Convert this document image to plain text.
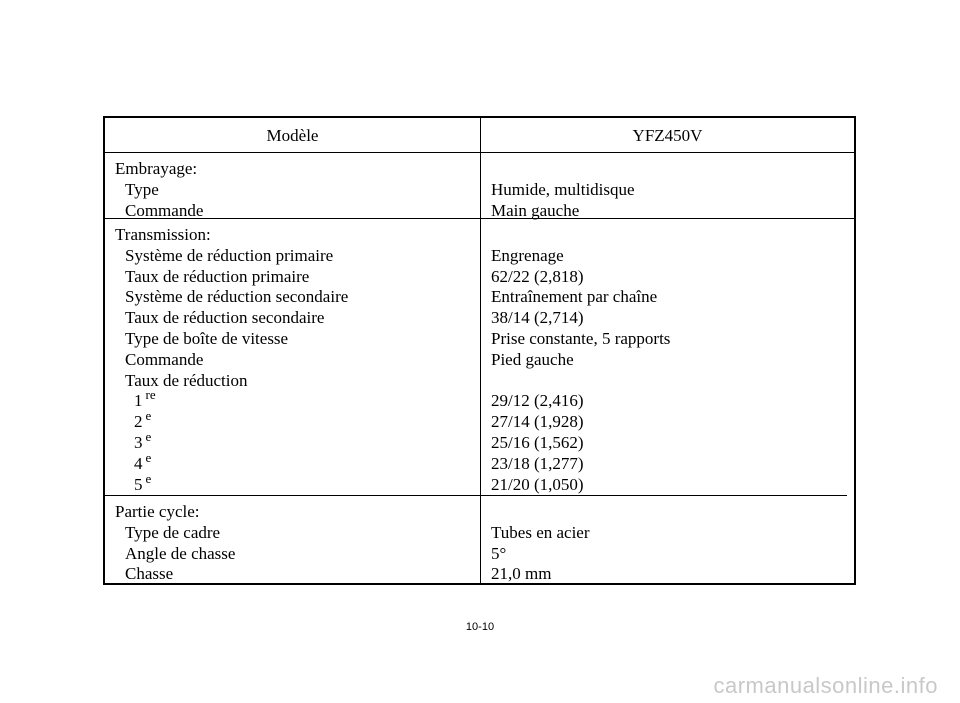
Modèle	YFZ450V
Embrayage:
Type
Commande
Humide, multidisque
Main gauche
Transmission:
Système de réduction primaire
Taux de réduction primaire
Système de réduction secondaire
Taux de réduction secondaire
Type de boîte de vitesse
Commande
Taux de réduction
1 $^{re}$
2 $^e$
3 $^e$
4 $^e$
5 $^e$
Engrenage
62/22 (2,818)
Entraînement par chaîne
38/14 (2,714)
Prise constante, 5 rapports
Pied gauche
29/12 (2,416)
27/14 (1,928)
25/16 (1,562)
23/18 (1,277)
21/20 (1,050)
Partie cycle:
Type de cadre
Angle de chasse
Chasse
Tubes en acier
5°
21,0 mm
10-10
carmanualsonline.info
